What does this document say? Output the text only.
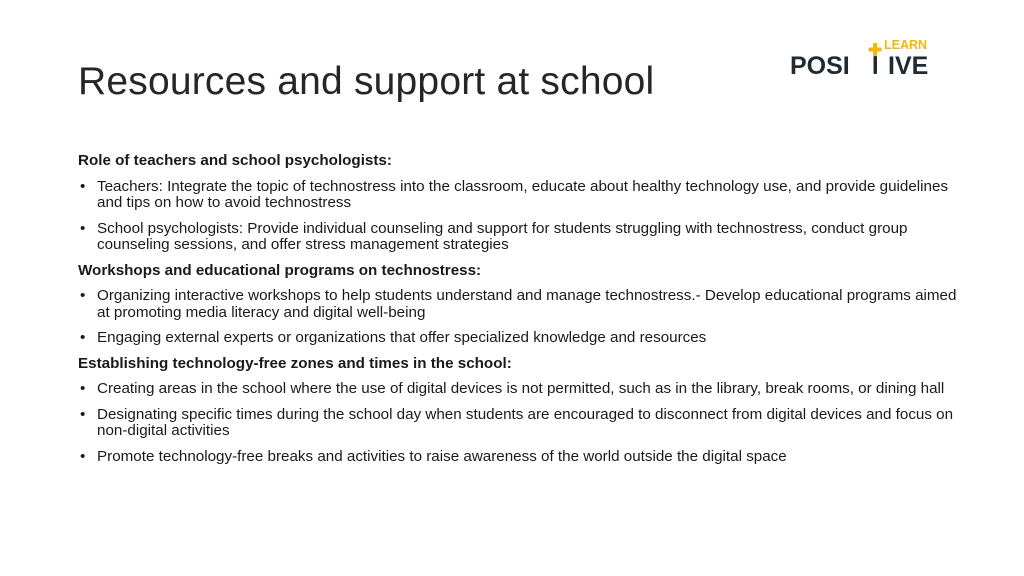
Resources and support at school	POSI IVE
LEARN
Role of teachers and school psychologists:
• Teachers: Integrate the topic of technostress into the classroom, educate about healthy technology use, and provide guidelines and tips on how to avoid technostress
• School psychologists: Provide individual counseling and support for students struggling with technostress, conduct group counseling sessions, and offer stress management strategies
Workshops and educational programs on technostress:
• Organizing interactive workshops to help students understand and manage technostress.- Develop educational programs aimed at promoting media literacy and digital well-being
• Engaging external experts or organizations that offer specialized knowledge and resources
Establishing technology-free zones and times in the school:
• Creating areas in the school where the use of digital devices is not permitted, such as in the library, break rooms, or dining hall
• Designating specific times during the school day when students are encouraged to disconnect from digital devices and focus on non-digital activities
• Promote technology-free breaks and activities to raise awareness of the world outside the digital space
